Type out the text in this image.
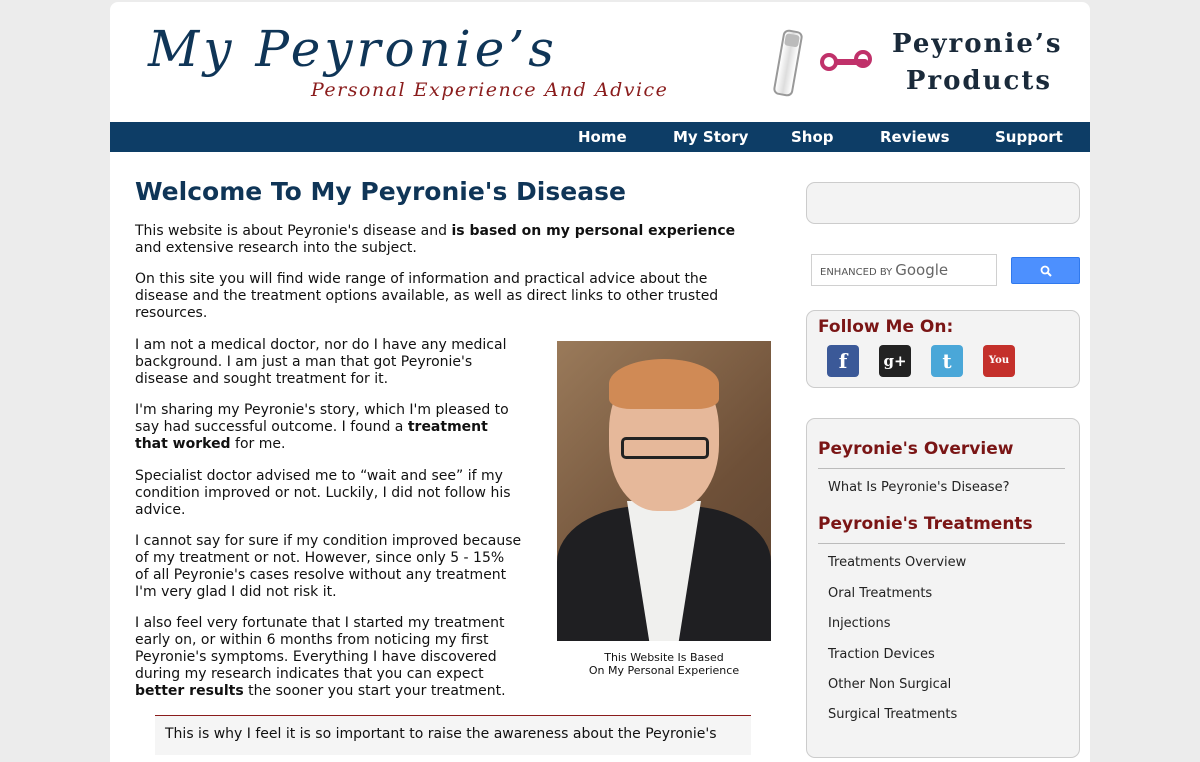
My Peyronie’s
Personal Experience And Advice
Peyronie’s
Products
Home	My Story	Shop	Reviews	Support
Welcome To My Peyronie's Disease
This website is about Peyronie's disease and is based on my personal experience
and extensive research into the subject.
On this site you will find wide range of information and practical advice about the
disease and the treatment options available, as well as direct links to other trusted
resources.
I am not a medical doctor, nor do I have any medical
background. I am just a man that got Peyronie's
disease and sought treatment for it.
I'm sharing my Peyronie's story, which I'm pleased to
say had successful outcome. I found a treatment
that worked for me.
Specialist doctor advised me to “wait and see” if my
condition improved or not. Luckily, I did not follow his
advice.
I cannot say for sure if my condition improved because
of my treatment or not. However, since only 5 - 15%
of all Peyronie's cases resolve without any treatment
I'm very glad I did not risk it.
I also feel very fortunate that I started my treatment
early on, or within 6 months from noticing my first
Peyronie's symptoms. Everything I have discovered
during my research indicates that you can expect
better results the sooner you start your treatment.
This Website Is Based
On My Personal Experience
This is why I feel it is so important to raise the awareness about the Peyronie's
ENHANCED BY Google
Follow Me On:
f	g+	t	You
Peyronie's Overview
What Is Peyronie's Disease?
Peyronie's Treatments
Treatments Overview
Oral Treatments
Injections
Traction Devices
Other Non Surgical
Surgical Treatments
